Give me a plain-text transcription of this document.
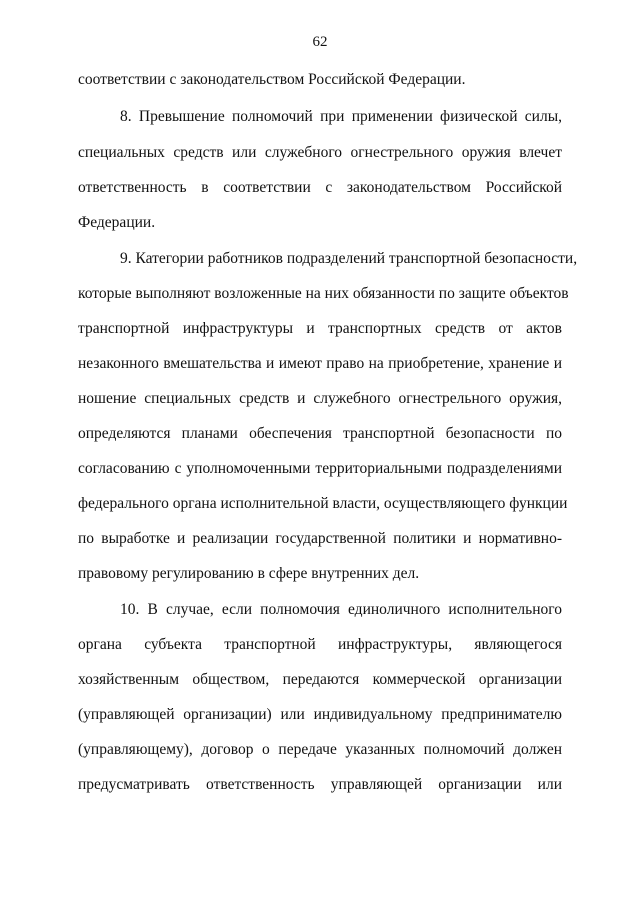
62
соответствии с законодательством Российской Федерации.
8. Превышение полномочий при применении физической силы,
специальных средств или служебного огнестрельного оружия влечет
ответственность в соответствии с законодательством Российской
Федерации.
9. Категории работников подразделений транспортной безопасности,
которые выполняют возложенные на них обязанности по защите объектов
транспортной инфраструктуры и транспортных средств от актов
незаконного вмешательства и имеют право на приобретение, хранение и
ношение специальных средств и служебного огнестрельного оружия,
определяются планами обеспечения транспортной безопасности по
согласованию с уполномоченными территориальными подразделениями
федерального органа исполнительной власти, осуществляющего функции
по выработке и реализации государственной политики и нормативно-
правовому регулированию в сфере внутренних дел.
10. В случае, если полномочия единоличного исполнительного
органа субъекта транспортной инфраструктуры, являющегося
хозяйственным обществом, передаются коммерческой организации
(управляющей организации) или индивидуальному предпринимателю
(управляющему), договор о передаче указанных полномочий должен
предусматривать ответственность управляющей организации или
